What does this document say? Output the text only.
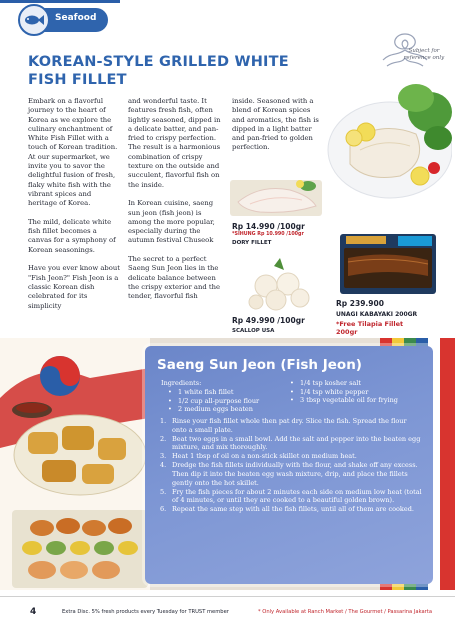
Seafood
KOREAN-STYLE GRILLED WHITE FISH FILLET
Subject for reference only

Embark on a flavorful journey to the heart of Korea as we explore the culinary enchantment of White Fish Fillet with a touch of Korean tradition. At our supermarket, we invite you to savor the delightful fusion of fresh, flaky white fish with the vibrant spices and heritage of Korea.

The mild, delicate white fish fillet becomes a canvas for a symphony of Korean seasonings.

Have you ever know about "Fish Jeon?" Fish Jeon is a classic Korean dish celebrated for its simplicity

and wonderful taste. It features fresh fish, often lightly seasoned, dipped in a delicate batter, and pan-fried to crispy perfection. The result is a harmonious combination of crispy texture on the outside and succulent, flavorful fish on the inside.

In Korean cuisine, saeng sun jeon (fish jeon) is among the more popular, especially during the autumn festival Chuseok

The secret to a perfect Saeng Sun Jeon lies in the delicate balance between the crispy exterior and the tender, flavorful fish

inside. Seasoned with a blend of Korean spices and aromatics, the fish is dipped in a light batter and pan-fried to golden perfection.

Rp 14.990 /100gr
*SIHUNG Rp 10.990 /100gr
DORY FILLET
Rp 49.990 /100gr
SCALLOP USA
Rp 239.900
UNAGI KABAYAKI 200GR
*Free Tilapia Fillet 200gr
Saeng Sun Jeon (Fish Jeon)
Ingredients:
• 1 white fish fillet
• 1/2 cup all-purpose flour
• 2 medium eggs beaten
• 1/4 tsp kosher salt
• 1/4 tsp white pepper
• 3 tbsp vegetable oil for frying
1. Rinse your fish fillet whole then pat dry. Slice the fish. Spread the flour onto a small plate.
2. Beat two eggs in a small bowl. Add the salt and pepper into the beaten egg mixture, and mix thoroughly.
3. Heat 1 tbsp of oil on a non-stick skillet on medium heat.
4. Dredge the fish fillets individually with the flour, and shake off any excess. Then dip it into the beaten egg wash mixture, drip, and place the fillets gently onto the hot skillet.
5. Fry the fish pieces for about 2 minutes each side on medium low heat (total of 4 minutes, or until they are cooked to a beautiful golden brown).
6. Repeat the same step with all the fish fillets, until all of them are cooked.
4	Extra Disc. 5% fresh products every Tuesday for TRUST member	* Only Available at Ranch Market / The Gourmet / Passarina Jakarta
